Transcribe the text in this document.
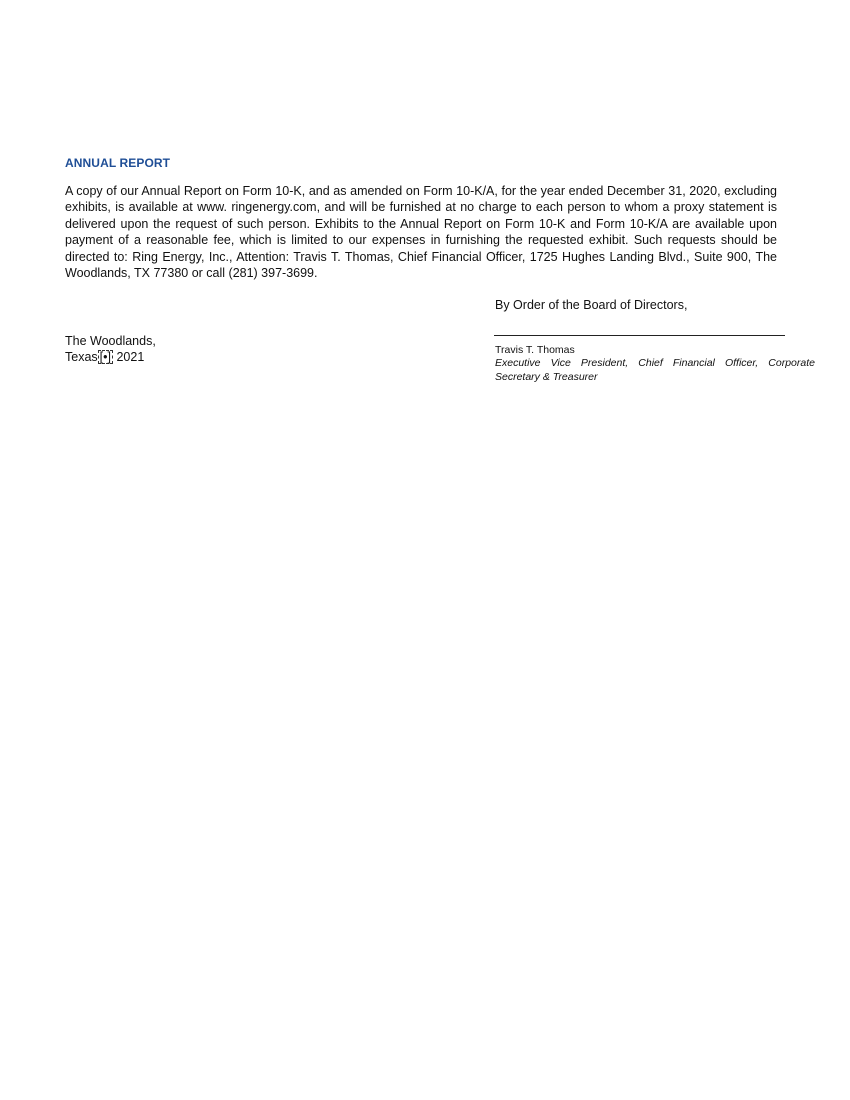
ANNUAL REPORT
A copy of our Annual Report on Form 10-K, and as amended on Form 10-K/A, for the year ended December 31, 2020, excluding exhibits, is available at www. ringenergy.com, and will be furnished at no charge to each person to whom a proxy statement is delivered upon the request of such person. Exhibits to the Annual Report on Form 10-K and Form 10-K/A are available upon payment of a reasonable fee, which is limited to our expenses in furnishing the requested exhibit. Such requests should be directed to: Ring Energy, Inc., Attention: Travis T. Thomas, Chief Financial Officer, 1725 Hughes Landing Blvd., Suite 900, The Woodlands, TX 77380 or call (281) 397-3699.
By Order of the Board of Directors,
The Woodlands,
Texas [•] 2021	Travis T. Thomas
Executive Vice President, Chief Financial Officer, Corporate Secretary & Treasurer
